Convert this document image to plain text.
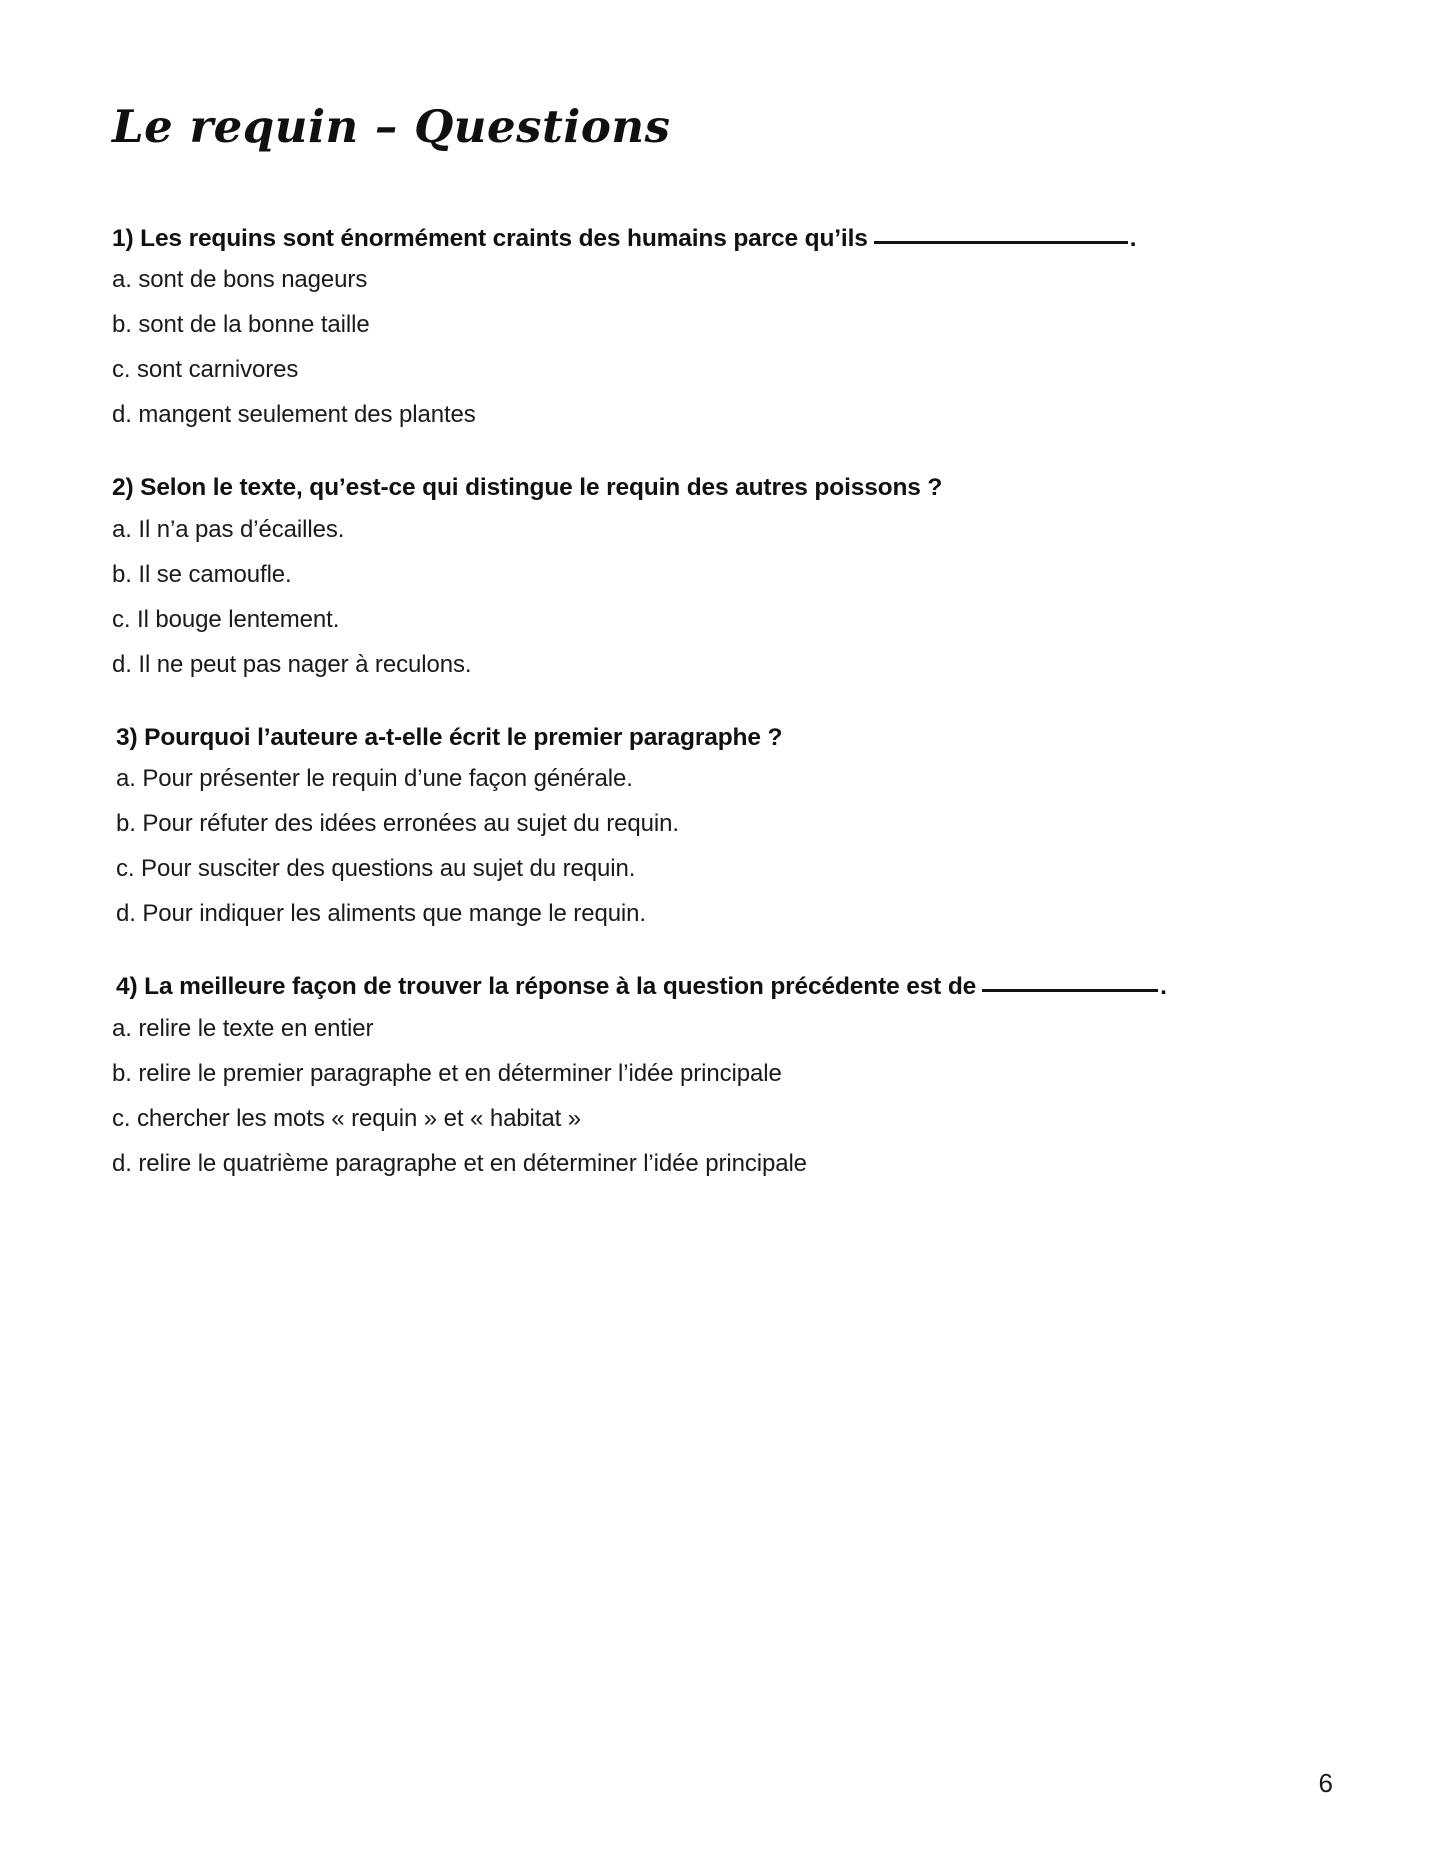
Le requin – Questions
1) Les requins sont énormément craints des humains parce qu’ils	.
a. sont de bons nageurs
b. sont de la bonne taille
c. sont carnivores
d. mangent seulement des plantes
2) Selon le texte, qu’est-ce qui distingue le requin des autres poissons ?
a. Il n’a pas d’écailles.
b. Il se camoufle.
c. Il bouge lentement.
d. Il ne peut pas nager à reculons.
3) Pourquoi l’auteure a-t-elle écrit le premier paragraphe ?
a. Pour présenter le requin d’une façon générale.
b. Pour réfuter des idées erronées au sujet du requin.
c. Pour susciter des questions au sujet du requin.
d. Pour indiquer les aliments que mange le requin.
4) La meilleure façon de trouver la réponse à la question précédente est de	.
a. relire le texte en entier
b. relire le premier paragraphe et en déterminer l’idée principale
c. chercher les mots « requin » et « habitat »
d. relire le quatrième paragraphe et en déterminer l’idée principale
6
